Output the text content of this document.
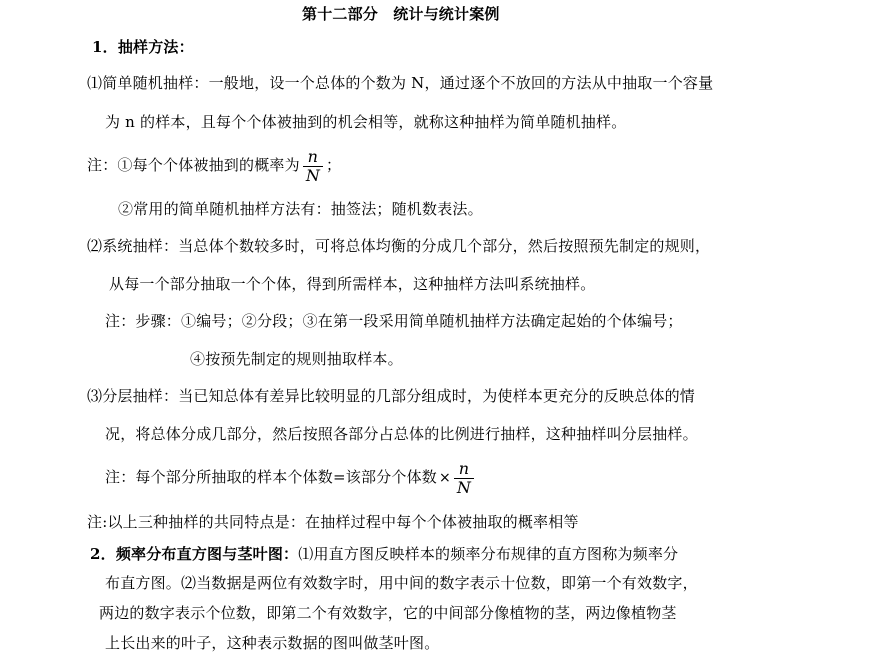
第十二部分　统计与统计案例
1．抽样方法：
⑴简单随机抽样：一般地，设一个总体的个数为 N，通过逐个不放回的方法从中抽取一个容量
为 n 的样本，且每个个体被抽到的机会相等，就称这种抽样为简单随机抽样。
注：①每个个体被抽到的概率为 $\frac{n}{N}$ ；
②常用的简单随机抽样方法有：抽签法；随机数表法。
⑵系统抽样：当总体个数较多时，可将总体均衡的分成几个部分，然后按照预先制定的规则，
从每一个部分抽取一个个体，得到所需样本，这种抽样方法叫系统抽样。
注：步骤：①编号；②分段；③在第一段采用简单随机抽样方法确定起始的个体编号；
④按预先制定的规则抽取样本。
⑶分层抽样：当已知总体有差异比较明显的几部分组成时，为使样本更充分的反映总体的情
况，将总体分成几部分，然后按照各部分占总体的比例进行抽样，这种抽样叫分层抽样。
注：每个部分所抽取的样本个体数=该部分个体数 × $\frac{n}{N}$
注:以上三种抽样的共同特点是：在抽样过程中每个个体被抽取的概率相等
2．频率分布直方图与茎叶图：⑴用直方图反映样本的频率分布规律的直方图称为频率分
布直方图。⑵当数据是两位有效数字时，用中间的数字表示十位数，即第一个有效数字，
两边的数字表示个位数，即第二个有效数字，它的中间部分像植物的茎，两边像植物茎
上长出来的叶子，这种表示数据的图叫做茎叶图。
